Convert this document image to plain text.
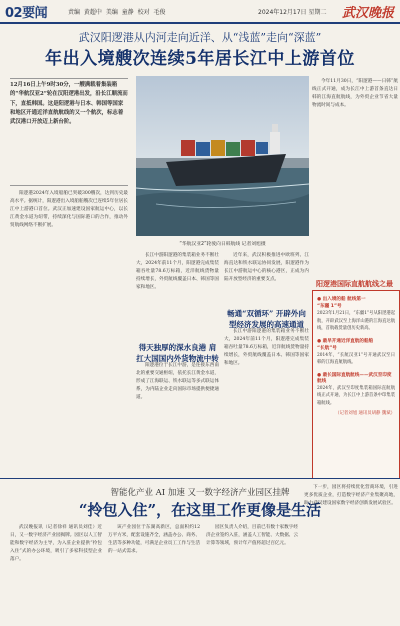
02要闻	责编 黄超中 美编 童静 校对 毛俊	2024年12月17日 星期二 武汉晚报
武汉阳逻港从内河走向近洋、从“浅蓝”走向“深蓝”
年出入境艘次连续5年居长江中上游首位
12月16日上午9时30分，一艘满载着集装箱的“华航汉亚2”轮在汉阳逻港出发，沿长江顺流而下，直抵韩国。这是阳逻港与日本、韩国等国家和地区开通近洋直航航线的又一个航次，标志着武汉港口开放迈上新台阶。

阳逻港2024年入境船舶已突破300艘次，达到历史最高水平。据统计，阳逻港出入境船舶艘次已连续5年位居长江中上游港口首位。武汉正加速建设国家航运中心，以长江黄金水道为纽带，持续深化与国际港口的合作，推动外贸航线网络不断扩展。

“华航汉亚2”轮驶向日韩航线 记者刘旭摄

长江中游阳逻港的集装箱业务不断壮大，2024年前11个月，阳逻港完成集装箱吞吐量78.6万标箱，近洋航线货物量持续增长，外贸航线覆盖日本、韩国等国家和地区。

得天独厚的深水良港 肩扛大国国内外货物流中转

阳逻港位于长江中游，是连接东西南北的重要交通枢纽，依托长江黄金水道，形成了江海联运、铁水联运等多式联运体系，为内陆企业走向国际市场提供便捷通道。

近年来，武汉积极推进中欧班列、江海直达和铁水联运协同发展，阳逻港作为长江中游航运中心的核心港区，正成为内陆开放型经济的重要支点。

畅通“双循环” 开辟外向型经济发展的高速通道

长江中游阳逻港的集装箱业务不断壮大，2024年前11个月，阳逻港完成集装箱吞吐量78.6万标箱，近洋航线货物量持续增长，外贸航线覆盖日本、韩国等国家和地区。

今年11月30日，“阳逻港——日韩”航线正式开通，成为长江中上游首条直达日韩的江海直航航线，为外贸企业节省大量物流时间与成本。

阳逻港国际直航航线之最
● 出入境的船 航线第一
“东疆 1”号
2023年1月21日，“东疆1”号从阳逻港起航，开辟武汉至上海洋山港的江海直达航线，首航载货量创历史新高。
● 最早开通近洋直航的船舶
“长航”号
2014年，“长航汉亚1”号开通武汉至日韩的江海直航航线。
● 最长国际直航航线——武汉至印度航线
2024年，武汉至印度集装箱国际直航航线正式开通，为长江中上游首条中印集装箱航线。
（记者刘旭 通讯员胡静 魏斌）
智能化产业 AI 加速 又一数字经济产业园区挂牌
“拎包入住”，在这里工作更像是生活

武汉晚报讯（记者徐祥 通讯员刘佳）近日，又一数字经济产业园揭牌。园区以人工智能和数字经济为主导，为入驻企业提供“拎包入住”式的办公环境，吸引了多家科技型企业落户。

该产业园位于东湖高新区，总面积约12万平方米，配套设施齐全，涵盖办公、商务、生活等多种功能，可满足企业员工工作与生活的一站式需求。

园区负责人介绍，目前已有数十家数字经济企业签约入驻，涵盖人工智能、大数据、云计算等领域，预计年产值将超过百亿元。

下一步，园区将持续优化营商环境，引进更多优质企业，打造数字经济产业集聚高地，助力武汉建设国家数字经济创新发展试验区。
